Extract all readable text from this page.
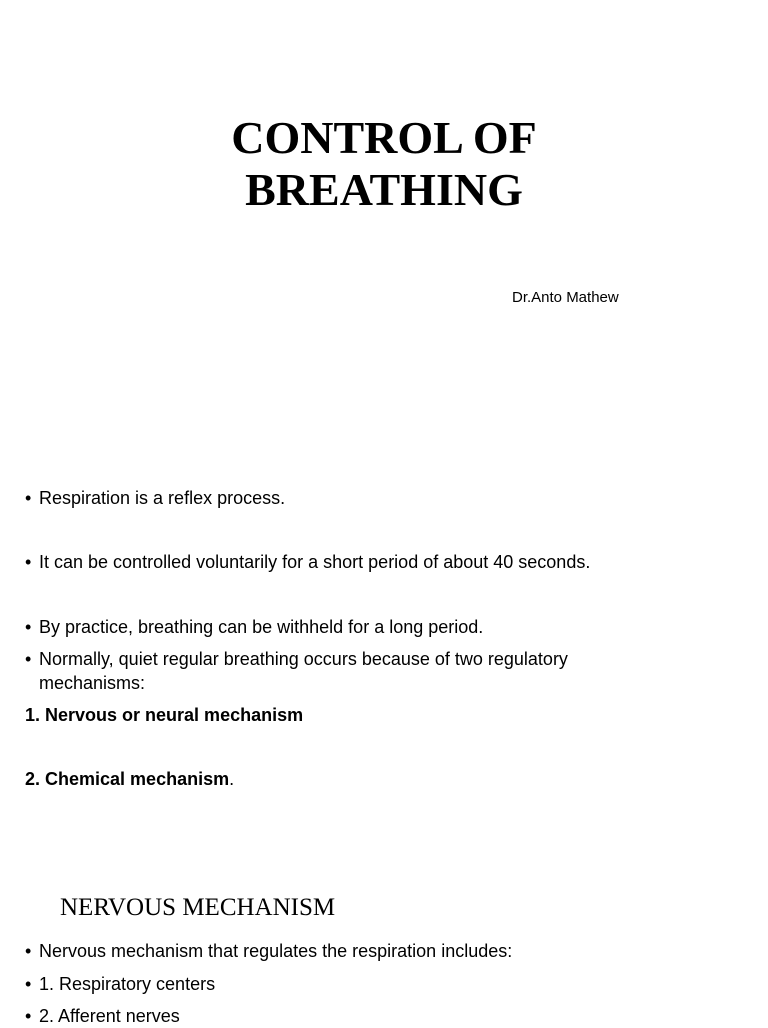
CONTROL OF
BREATHING
Dr.Anto Mathew
• Respiration is a reflex process.
• It can be controlled voluntarily for a short period of about 40 seconds.
• By practice, breathing can be withheld for a long period.
• Normally, quiet regular breathing occurs because of two regulatory mechanisms:
1. Nervous or neural mechanism
2. Chemical mechanism.
NERVOUS MECHANISM
• Nervous mechanism that regulates the respiration includes:
• 1. Respiratory centers
• 2. Afferent nerves
